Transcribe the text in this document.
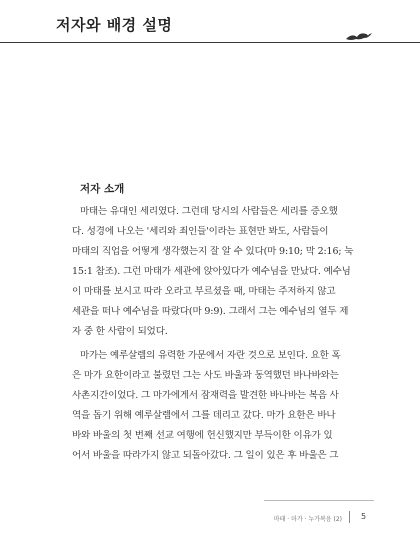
저자와 배경 설명
저자 소개
마태는 유대인 세리였다. 그런데 당시의 사람들은 세리를 증오했
다. 성경에 나오는 '세리와 죄인들'이라는 표현만 봐도, 사람들이
마태의 직업을 어떻게 생각했는지 잘 알 수 있다(마 9:10; 막 2:16; 눅
15:1 참조). 그런 마태가 세관에 앉아있다가 예수님을 만났다. 예수님
이 마태를 보시고 따라 오라고 부르셨을 때, 마태는 주저하지 않고
세관을 떠나 예수님을 따랐다(마 9:9). 그래서 그는 예수님의 열두 제
자 중 한 사람이 되었다.
마가는 예루살렘의 유력한 가문에서 자란 것으로 보인다. 요한 혹
은 마가 요한이라고 불렸던 그는 사도 바울과 동역했던 바나바와는
사촌지간이었다. 그 마가에게서 잠재력을 발견한 바나바는 복음 사
역을 돕기 위해 예루살렘에서 그를 데리고 갔다. 마가 요한은 바나
바와 바울의 첫 번째 선교 여행에 헌신했지만 부득이한 이유가 있
어서 바울을 따라가지 않고 되돌아갔다. 그 일이 있은 후 바울은 그
마태 · 마가 · 누가복음 (2) 5
